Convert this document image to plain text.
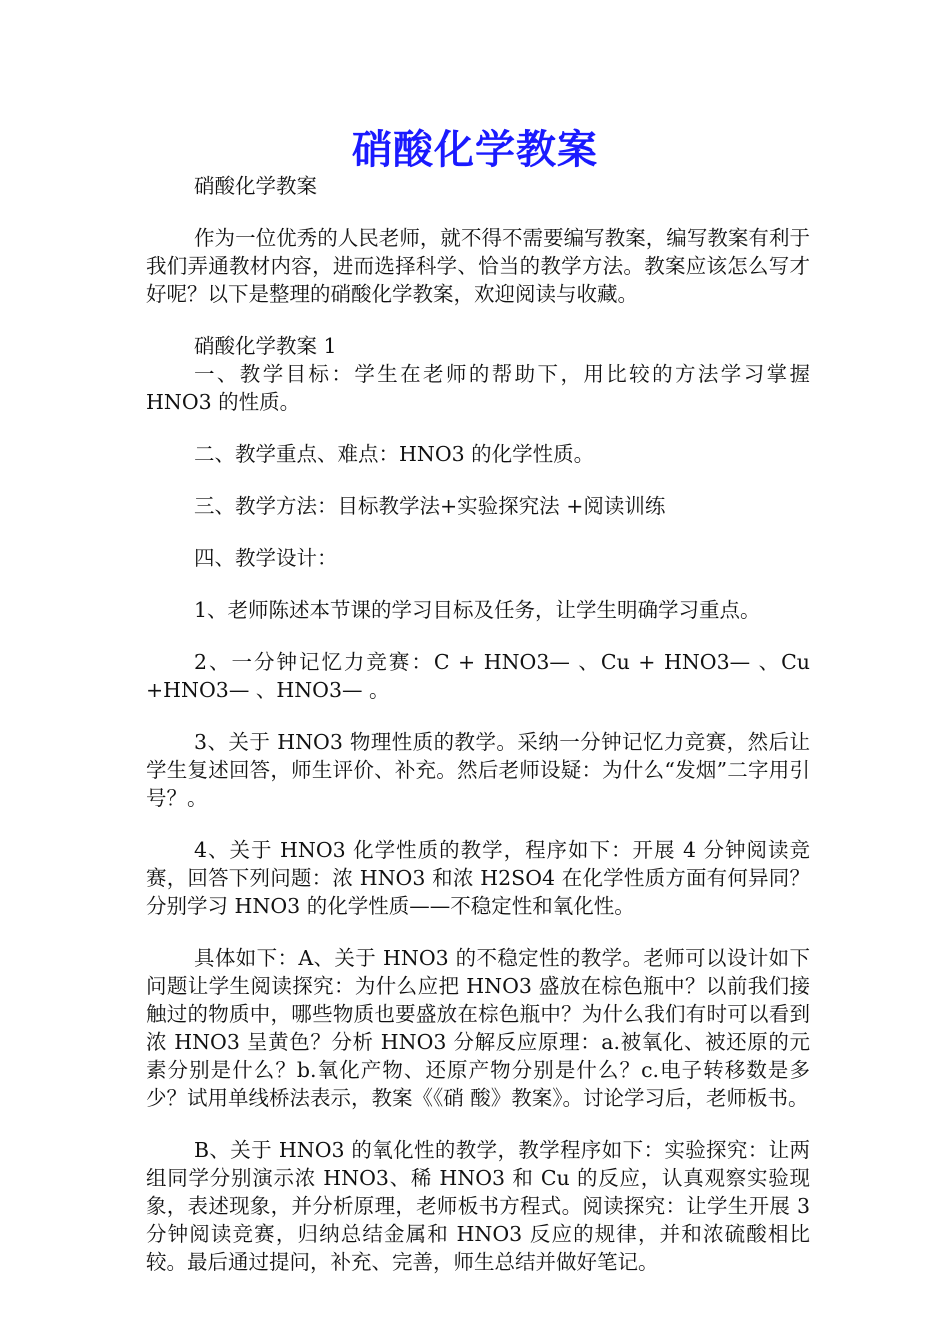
硝酸化学教案

硝酸化学教案

作为一位优秀的人民老师，就不得不需要编写教案，编写教案有利于我们弄通教材内容，进而选择科学、恰当的教学方法。教案应该怎么写才好呢？以下是整理的硝酸化学教案，欢迎阅读与收藏。

硝酸化学教案 1

一、教学目标：学生在老师的帮助下，用比较的方法学习掌握 HNO3 的性质。

二、教学重点、难点：HNO3 的化学性质。

三、教学方法：目标教学法+实验探究法 +阅读训练

四、教学设计：

1、老师陈述本节课的学习目标及任务，让学生明确学习重点。

2、一分钟记忆力竞赛：C + HNO3— 、Cu + HNO3— 、Cu +HNO3— 、HNO3— 。

3、关于 HNO3 物理性质的教学。采纳一分钟记忆力竞赛，然后让学生复述回答，师生评价、补充。然后老师设疑：为什么“发烟”二字用引号？。

4、关于 HNO3 化学性质的教学，程序如下：开展 4 分钟阅读竞赛，回答下列问题：浓 HNO3 和浓 H2SO4 在化学性质方面有何异同？分别学习 HNO3 的化学性质——不稳定性和氧化性。

具体如下：A、关于 HNO3 的不稳定性的教学。老师可以设计如下问题让学生阅读探究：为什么应把 HNO3 盛放在棕色瓶中？以前我们接触过的物质中，哪些物质也要盛放在棕色瓶中？为什么我们有时可以看到浓 HNO3 呈黄色？分析 HNO3 分解反应原理：a.被氧化、被还原的元素分别是什么？b.氧化产物、还原产物分别是什么？c.电子转移数是多少？试用单线桥法表示，教案《《硝 酸》教案》。讨论学习后，老师板书。

B、关于 HNO3 的氧化性的教学，教学程序如下：实验探究：让两组同学分别演示浓 HNO3、稀 HNO3 和 Cu 的反应，认真观察实验现象，表述现象，并分析原理，老师板书方程式。阅读探究：让学生开展 3 分钟阅读竞赛，归纳总结金属和 HNO3 反应的规律，并和浓硫酸相比较。最后通过提问，补充、完善，师生总结并做好笔记。
